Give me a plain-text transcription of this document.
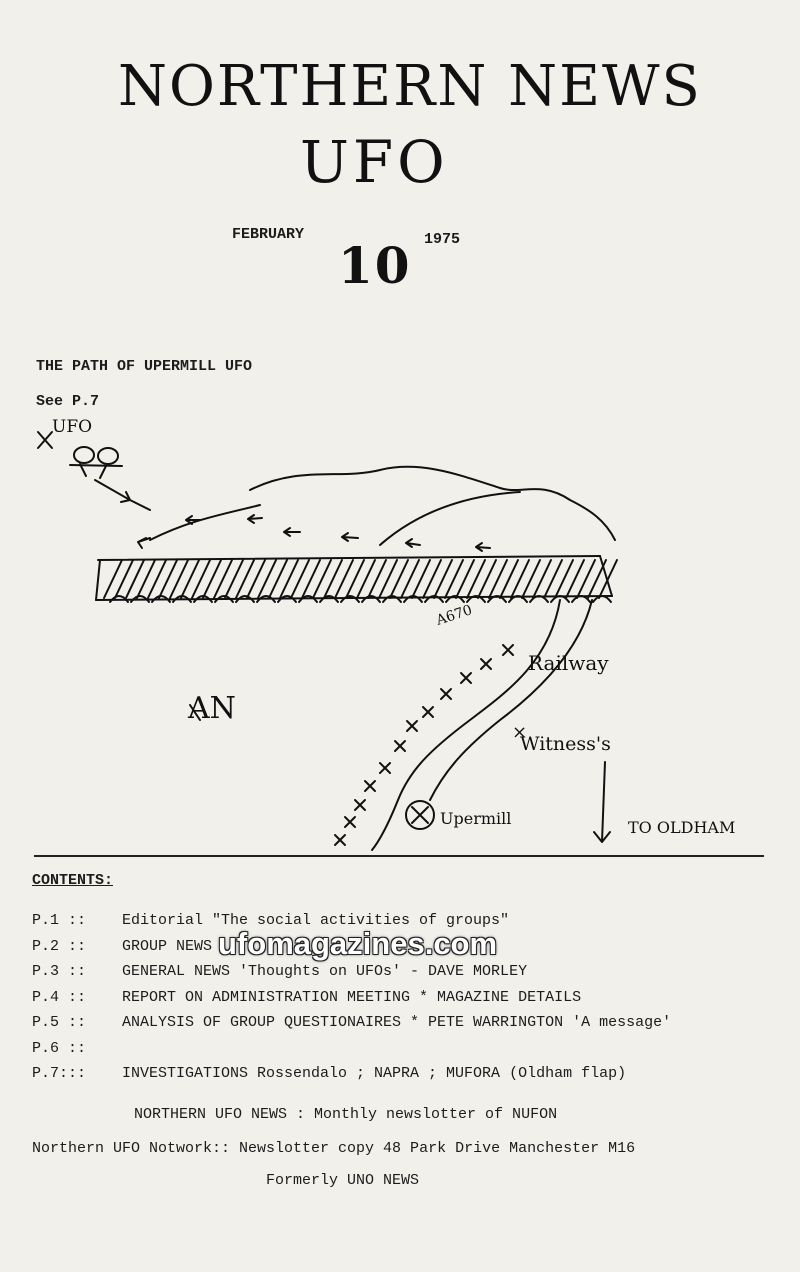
NORTHERN NEWS
UFO
FEBRUARY	1975
10
THE PATH OF UPERMILL UFO
See P.7
UFO
A670
Railway
AN
Witness's
Upermill	TO OLDHAM
×
CONTENTS:
P.1 :: Editorial "The social activities of groups"
P.2 :: GROUP NEWS
P.3 :: GENERAL NEWS 'Thoughts on UFOs' - DAVE MORLEY
P.4 :: REPORT ON ADMINISTRATION MEETING * MAGAZINE DETAILS
P.5 :: ANALYSIS OF GROUP QUESTIONAIRES * PETE WARRINGTON 'A message'
P.6 ::
P.7::: INVESTIGATIONS Rossendalo ; NAPRA ; MUFORA (Oldham flap)
NORTHERN UFO NEWS : Monthly newslotter of NUFON
Northern UFO Notwork:: Newslotter copy 48 Park Drive Manchester M16
Formerly UNO NEWS
ufomagazines.com
